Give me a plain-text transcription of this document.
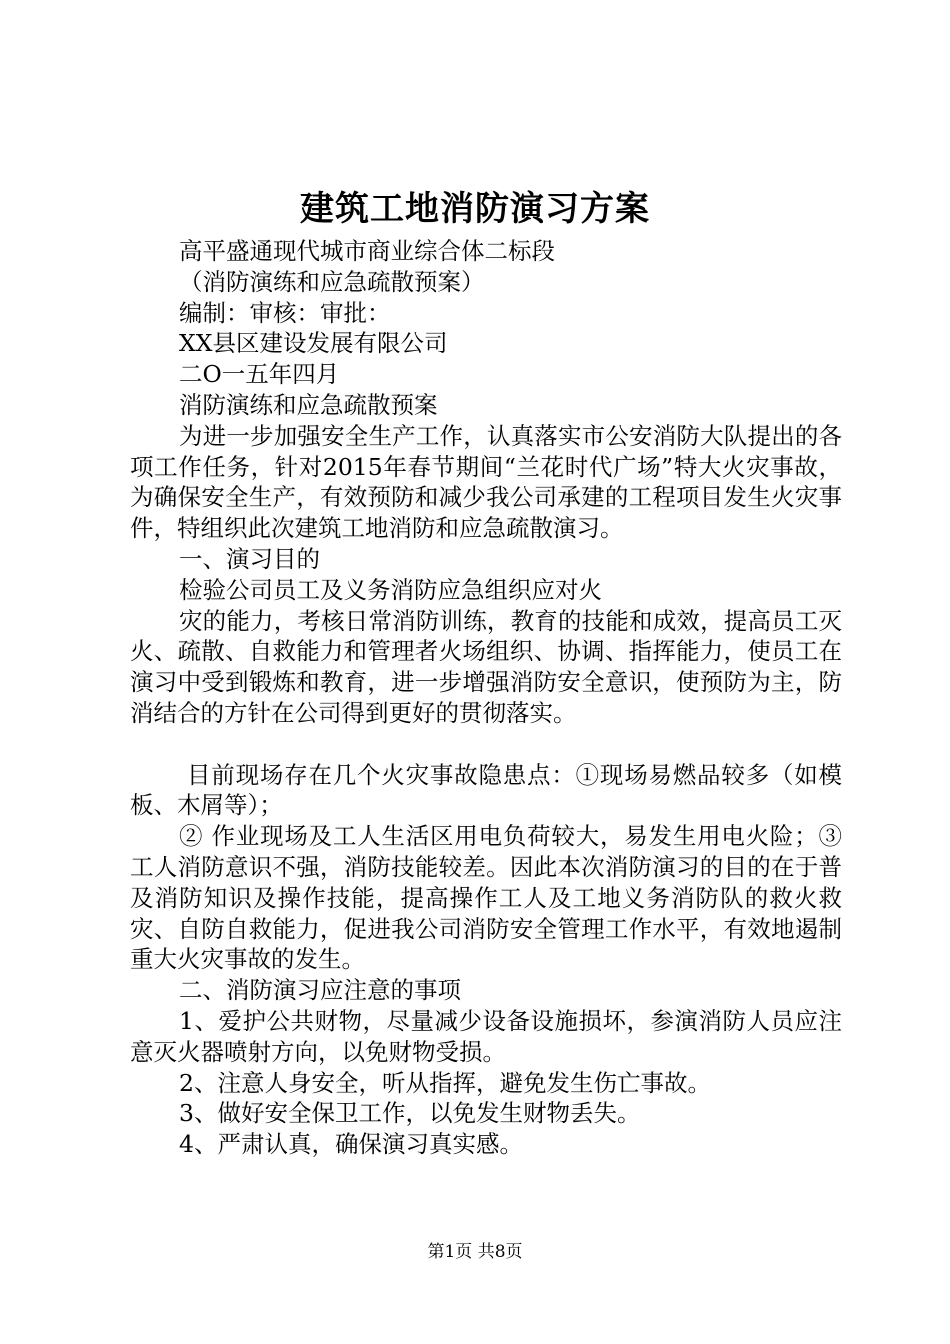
建筑工地消防演习方案

高平盛通现代城市商业综合体二标段

（消防演练和应急疏散预案）

编制：审核：审批：

XX县区建设发展有限公司

二O一五年四月

消防演练和应急疏散预案

为进一步加强安全生产工作，认真落实市公安消防大队提出的各项工作任务，针对2015年春节期间“兰花时代广场”特大火灾事故，为确保安全生产，有效预防和减少我公司承建的工程项目发生火灾事件，特组织此次建筑工地消防和应急疏散演习。

一、演习目的

检验公司员工及义务消防应急组织应对火

灾的能力，考核日常消防训练，教育的技能和成效，提高员工灭火、疏散、自救能力和管理者火场组织、协调、指挥能力，使员工在演习中受到锻炼和教育，进一步增强消防安全意识，使预防为主，防消结合的方针在公司得到更好的贯彻落实。

目前现场存在几个火灾事故隐患点：①现场易燃品较多（如模板、木屑等）；

② 作业现场及工人生活区用电负荷较大，易发生用电火险；③工人消防意识不强，消防技能较差。因此本次消防演习的目的在于普及消防知识及操作技能，提高操作工人及工地义务消防队的救火救灾、自防自救能力，促进我公司消防安全管理工作水平，有效地遏制重大火灾事故的发生。

二、消防演习应注意的事项

1、爱护公共财物，尽量减少设备设施损坏，参演消防人员应注意灭火器喷射方向，以免财物受损。

2、注意人身安全，听从指挥，避免发生伤亡事故。

3、做好安全保卫工作，以免发生财物丢失。

4、严肃认真，确保演习真实感。

第1页 共8页
